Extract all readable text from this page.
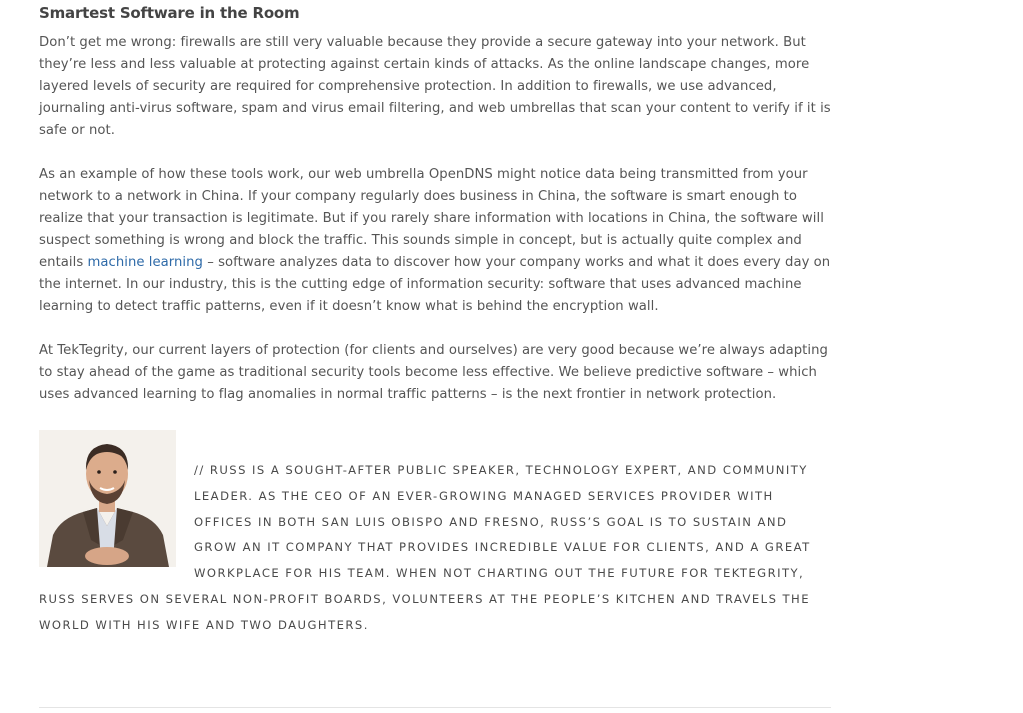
Smartest Software in the Room

Don’t get me wrong: firewalls are still very valuable because they provide a secure gateway into your network. But they’re less and less valuable at protecting against certain kinds of attacks. As the online landscape changes, more layered levels of security are required for comprehensive protection. In addition to firewalls, we use advanced, journaling anti-virus software, spam and virus email filtering, and web umbrellas that scan your content to verify if it is safe or not.

As an example of how these tools work, our web umbrella OpenDNS might notice data being transmitted from your network to a network in China. If your company regularly does business in China, the software is smart enough to realize that your transaction is legitimate. But if you rarely share information with locations in China, the software will suspect something is wrong and block the traffic. This sounds simple in concept, but is actually quite complex and entails machine learning – software analyzes data to discover how your company works and what it does every day on the internet. In our industry, this is the cutting edge of information security: software that uses advanced machine learning to detect traffic patterns, even if it doesn’t know what is behind the encryption wall.

At TekTegrity, our current layers of protection (for clients and ourselves) are very good because we’re always adapting to stay ahead of the game as traditional security tools become less effective. We believe predictive software – which uses advanced learning to flag anomalies in normal traffic patterns – is the next frontier in network protection.

// RUSS IS A SOUGHT-AFTER PUBLIC SPEAKER, TECHNOLOGY EXPERT, AND COMMUNITY LEADER. AS THE CEO OF AN EVER-GROWING MANAGED SERVICES PROVIDER WITH OFFICES IN BOTH SAN LUIS OBISPO AND FRESNO, RUSS’S GOAL IS TO SUSTAIN AND GROW AN IT COMPANY THAT PROVIDES INCREDIBLE VALUE FOR CLIENTS, AND A GREAT WORKPLACE FOR HIS TEAM. WHEN NOT CHARTING OUT THE FUTURE FOR TEKTEGRITY, RUSS SERVES ON SEVERAL NON-PROFIT BOARDS, VOLUNTEERS AT THE PEOPLE’S KITCHEN AND TRAVELS THE WORLD WITH HIS WIFE AND TWO DAUGHTERS.
